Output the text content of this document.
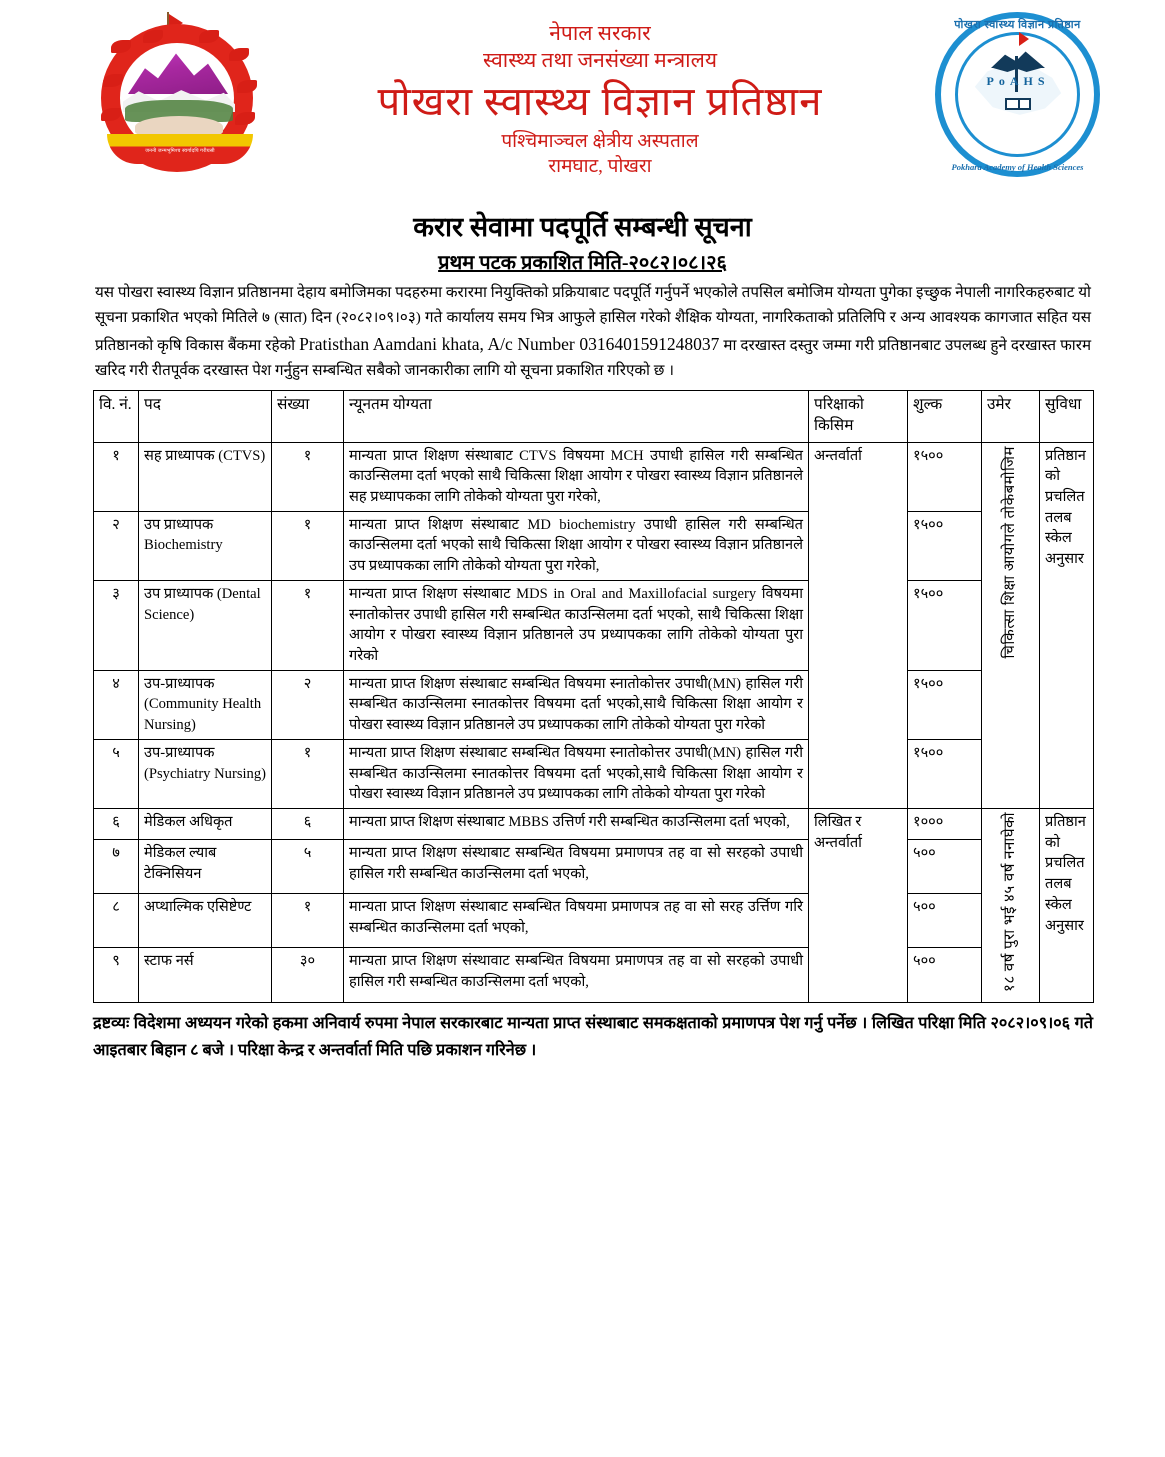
जननी जन्मभूमिश्च स्वर्गादपि गरीयसी
नेपाल सरकार
स्वास्थ्य तथा जनसंख्या मन्त्रालय
पोखरा स्वास्थ्य विज्ञान प्रतिष्ठान
पश्चिमाञ्चल क्षेत्रीय अस्पताल
रामघाट, पोखरा
पोखरा स्वास्थ्य विज्ञान प्रतिष्ठान
PoAHS
Pokhara Academy of Health Sciences
करार सेवामा पदपूर्ति सम्बन्धी सूचना
प्रथम पटक प्रकाशित मिति-२०८२।०८।२६

यस पोखरा स्वास्थ्य विज्ञान प्रतिष्ठानमा देहाय बमोजिमका पदहरुमा करारमा नियुक्तिको प्रक्रियाबाट पदपूर्ति गर्नुपर्ने भएकोले तपसिल बमोजिम योग्यता पुगेका इच्छुक नेपाली नागरिकहरुबाट यो सूचना प्रकाशित भएको मितिले ७ (सात) दिन (२०८२।०९।०३) गते कार्यालय समय भित्र आफुले हासिल गरेको शैक्षिक योग्यता, नागरिकताको प्रतिलिपि र अन्य आवश्यक कागजात सहित यस प्रतिष्ठानको कृषि विकास बैंकमा रहेको Pratisthan Aamdani khata, A/c Number 0316401591248037 मा दरखास्त दस्तुर जम्मा गरी प्रतिष्ठानबाट उपलब्ध हुने दरखास्त फारम खरिद गरी रीतपूर्वक दरखास्त पेश गर्नुहुन सम्बन्धित सबैको जानकारीका लागि यो सूचना प्रकाशित गरिएको छ ।

वि. नं.	पद	संख्या	न्यूनतम योग्यता	परिक्षाको किसिम	शुल्क	उमेर	सुविधा
१	सह प्राध्यापक (CTVS)	१	मान्यता प्राप्त शिक्षण संस्थाबाट CTVS विषयमा MCH उपाधी हासिल गरी सम्बन्धित काउन्सिलमा दर्ता भएको साथै चिकित्सा शिक्षा आयोग र पोखरा स्वास्थ्य विज्ञान प्रतिष्ठानले सह प्रध्यापकका लागि तोकेको योग्यता पुरा गरेको,	अन्तर्वार्ता	१५००	चिकित्सा शिक्षा आयोगले तोकेबमोजिम	प्रतिष्ठान को प्रचलित तलब स्केल अनुसार
२	उप प्राध्यापक Biochemistry	१	मान्यता प्राप्त शिक्षण संस्थाबाट MD biochemistry उपाधी हासिल गरी सम्बन्धित काउन्सिलमा दर्ता भएको साथै चिकित्सा शिक्षा आयोग र पोखरा स्वास्थ्य विज्ञान प्रतिष्ठानले उप प्रध्यापकका लागि तोकेको योग्यता पुरा गरेको,		१५००		
३	उप प्राध्यापक (Dental Science)	१	मान्यता प्राप्त शिक्षण संस्थाबाट MDS in Oral and Maxillofacial surgery विषयमा स्नातोकोत्तर उपाधी हासिल गरी सम्बन्धित काउन्सिलमा दर्ता भएको, साथै चिकित्सा शिक्षा आयोग र पोखरा स्वास्थ्य विज्ञान प्रतिष्ठानले उप प्रध्यापकका लागि तोकेको योग्यता पुरा गरेको		१५००		
४	उप-प्राध्यापक (Community Health Nursing)	२	मान्यता प्राप्त शिक्षण संस्थाबाट सम्बन्धित विषयमा स्नातोकोत्तर उपाधी(MN) हासिल गरी सम्बन्धित काउन्सिलमा स्नातकोत्तर विषयमा दर्ता भएको,साथै चिकित्सा शिक्षा आयोग र पोखरा स्वास्थ्य विज्ञान प्रतिष्ठानले उप प्रध्यापकका लागि तोकेको योग्यता पुरा गरेको		१५००		
५	उप-प्राध्यापक (Psychiatry Nursing)	१	मान्यता प्राप्त शिक्षण संस्थाबाट सम्बन्धित विषयमा स्नातोकोत्तर उपाधी(MN) हासिल गरी सम्बन्धित काउन्सिलमा स्नातकोत्तर विषयमा दर्ता भएको,साथै चिकित्सा शिक्षा आयोग र पोखरा स्वास्थ्य विज्ञान प्रतिष्ठानले उप प्रध्यापकका लागि तोकेको योग्यता पुरा गरेको		१५००		
६	मेडिकल अधिकृत	६	मान्यता प्राप्त शिक्षण संस्थाबाट MBBS उत्तिर्ण गरी सम्बन्धित काउन्सिलमा दर्ता भएको,	लिखित र अन्तर्वार्ता	१०००	१८ वर्ष पुरा भई ४५ वर्ष ननाघेको	प्रतिष्ठान को प्रचलित तलब स्केल अनुसार
७	मेडिकल ल्याब टेक्निसियन	५	मान्यता प्राप्त शिक्षण संस्थाबाट सम्बन्धित विषयमा प्रमाणपत्र तह वा सो सरहको उपाधी हासिल गरी सम्बन्धित काउन्सिलमा दर्ता भएको,		५००		
८	अप्थाल्मिक एसिष्टेण्ट	१	मान्यता प्राप्त शिक्षण संस्थाबाट सम्बन्धित विषयमा प्रमाणपत्र तह वा सो सरह उर्त्तिण गरि सम्बन्धित काउन्सिलमा दर्ता भएको,		५००		
९	स्टाफ नर्स	३०	मान्यता प्राप्त शिक्षण संस्थावाट सम्बन्धित विषयमा प्रमाणपत्र तह वा सो सरहको उपाधी हासिल गरी सम्बन्धित काउन्सिलमा दर्ता भएको,		५००		

द्रष्टव्यः विदेशमा अध्ययन गरेको हकमा अनिवार्य रुपमा नेपाल सरकारबाट मान्यता प्राप्त संस्थाबाट समकक्षताको प्रमाणपत्र पेश गर्नु पर्नेछ । लिखित परिक्षा मिति २०८२।०९।०६ गते आइतबार बिहान ८ बजे । परिक्षा केन्द्र र अन्तर्वार्ता मिति पछि प्रकाशन गरिनेछ ।
